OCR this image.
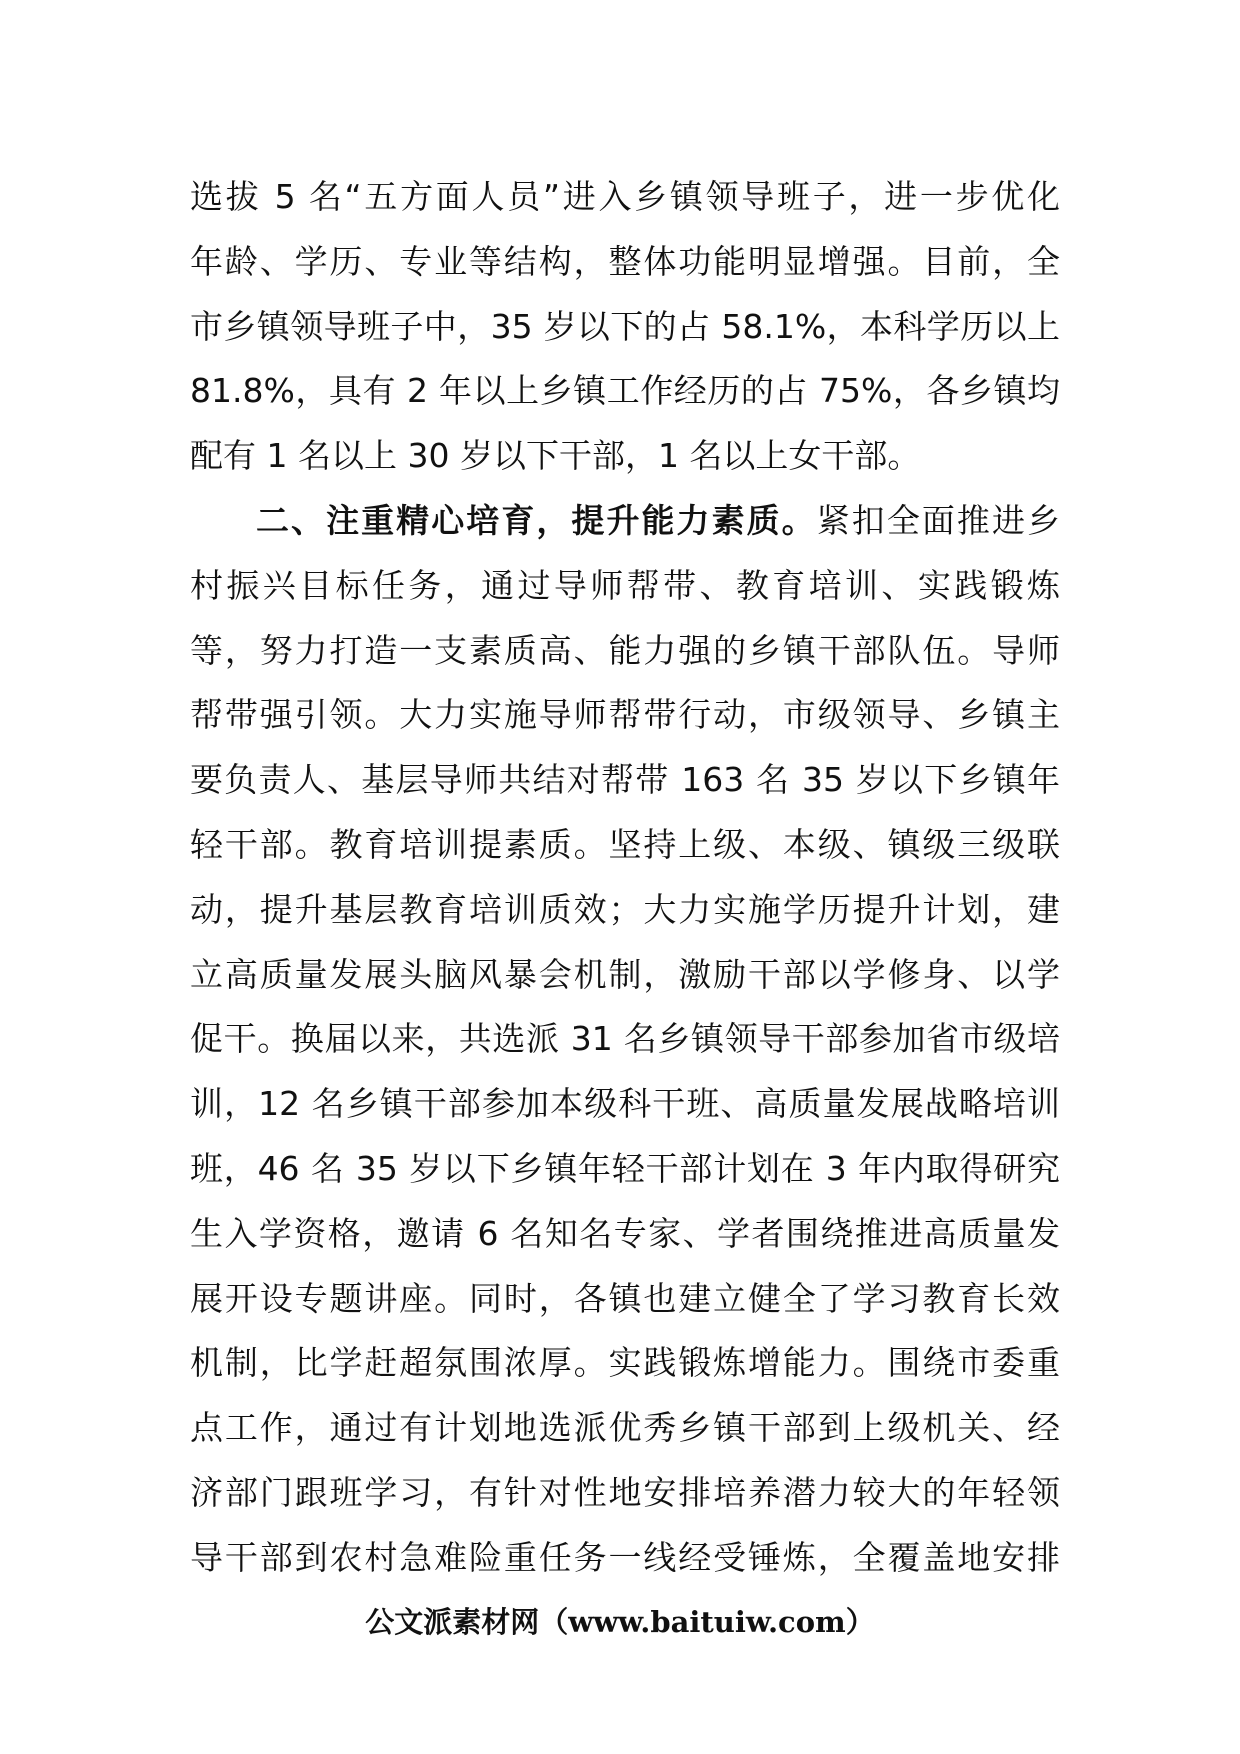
选拔 5 名“五方面人员”进入乡镇领导班子，进一步优化
年龄、学历、专业等结构，整体功能明显增强。目前，全
市乡镇领导班子中，35 岁以下的占 58.1%，本科学历以上
81.8%，具有 2 年以上乡镇工作经历的占 75%，各乡镇均
配有 1 名以上 30 岁以下干部，1 名以上女干部。
二、注重精心培育，提升能力素质。紧扣全面推进乡
村振兴目标任务，通过导师帮带、教育培训、实践锻炼
等，努力打造一支素质高、能力强的乡镇干部队伍。导师
帮带强引领。大力实施导师帮带行动，市级领导、乡镇主
要负责人、基层导师共结对帮带 163 名 35 岁以下乡镇年
轻干部。教育培训提素质。坚持上级、本级、镇级三级联
动，提升基层教育培训质效；大力实施学历提升计划，建
立高质量发展头脑风暴会机制，激励干部以学修身、以学
促干。换届以来，共选派 31 名乡镇领导干部参加省市级培
训，12 名乡镇干部参加本级科干班、高质量发展战略培训
班，46 名 35 岁以下乡镇年轻干部计划在 3 年内取得研究
生入学资格，邀请 6 名知名专家、学者围绕推进高质量发
展开设专题讲座。同时，各镇也建立健全了学习教育长效
机制，比学赶超氛围浓厚。实践锻炼增能力。围绕市委重
点工作，通过有计划地选派优秀乡镇干部到上级机关、经
济部门跟班学习，有针对性地安排培养潜力较大的年轻领
导干部到农村急难险重任务一线经受锤炼，全覆盖地安排
公文派素材网（www.baituiw.com）
